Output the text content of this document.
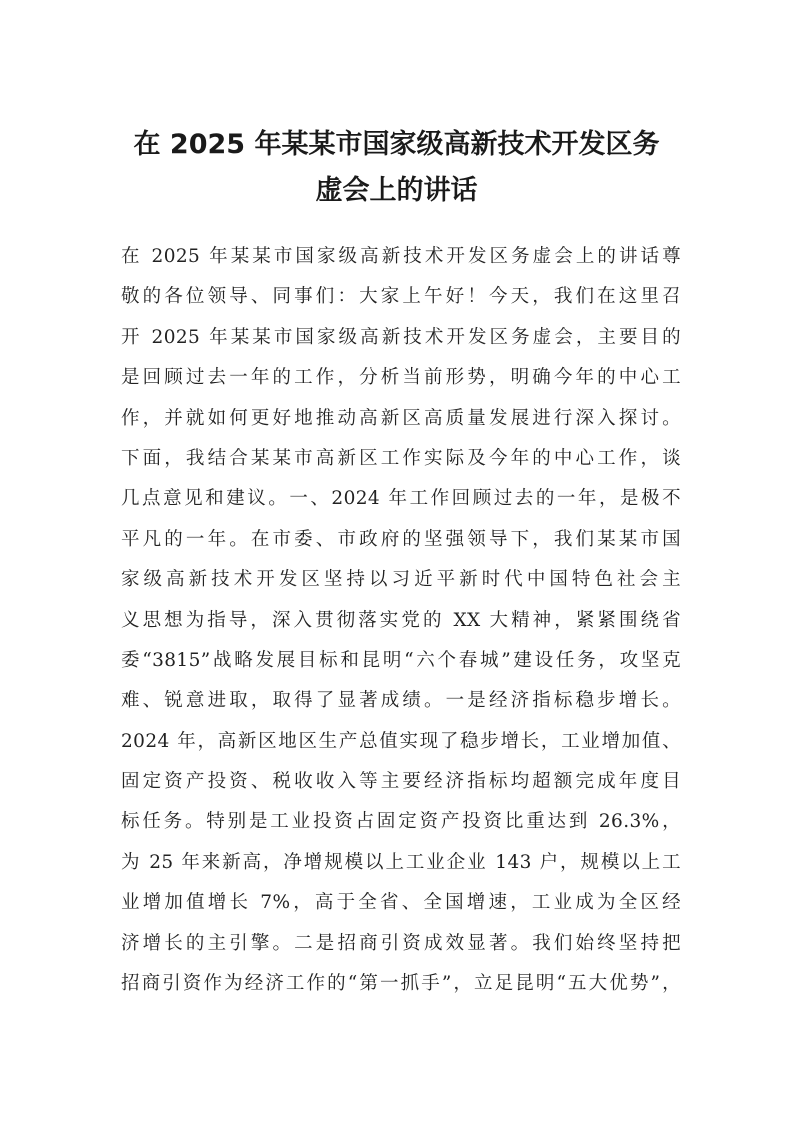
在 2025 年某某市国家级高新技术开发区务
虚会上的讲话
在 2025 年某某市国家级高新技术开发区务虚会上的讲话尊
敬的各位领导、同事们：大家上午好！今天，我们在这里召
开 2025 年某某市国家级高新技术开发区务虚会，主要目的
是回顾过去一年的工作，分析当前形势，明确今年的中心工
作，并就如何更好地推动高新区高质量发展进行深入探讨。
下面，我结合某某市高新区工作实际及今年的中心工作，谈
几点意见和建议。一、2024 年工作回顾过去的一年，是极不
平凡的一年。在市委、市政府的坚强领导下，我们某某市国
家级高新技术开发区坚持以习近平新时代中国特色社会主
义思想为指导，深入贯彻落实党的 XX 大精神，紧紧围绕省
委“3815”战略发展目标和昆明“六个春城”建设任务，攻坚克
难、锐意进取，取得了显著成绩。一是经济指标稳步增长。
2024 年，高新区地区生产总值实现了稳步增长，工业增加值、
固定资产投资、税收收入等主要经济指标均超额完成年度目
标任务。特别是工业投资占固定资产投资比重达到 26.3%，
为 25 年来新高，净增规模以上工业企业 143 户，规模以上工
业增加值增长 7%，高于全省、全国增速，工业成为全区经
济增长的主引擎。二是招商引资成效显著。我们始终坚持把
招商引资作为经济工作的“第一抓手”，立足昆明“五大优势”，
